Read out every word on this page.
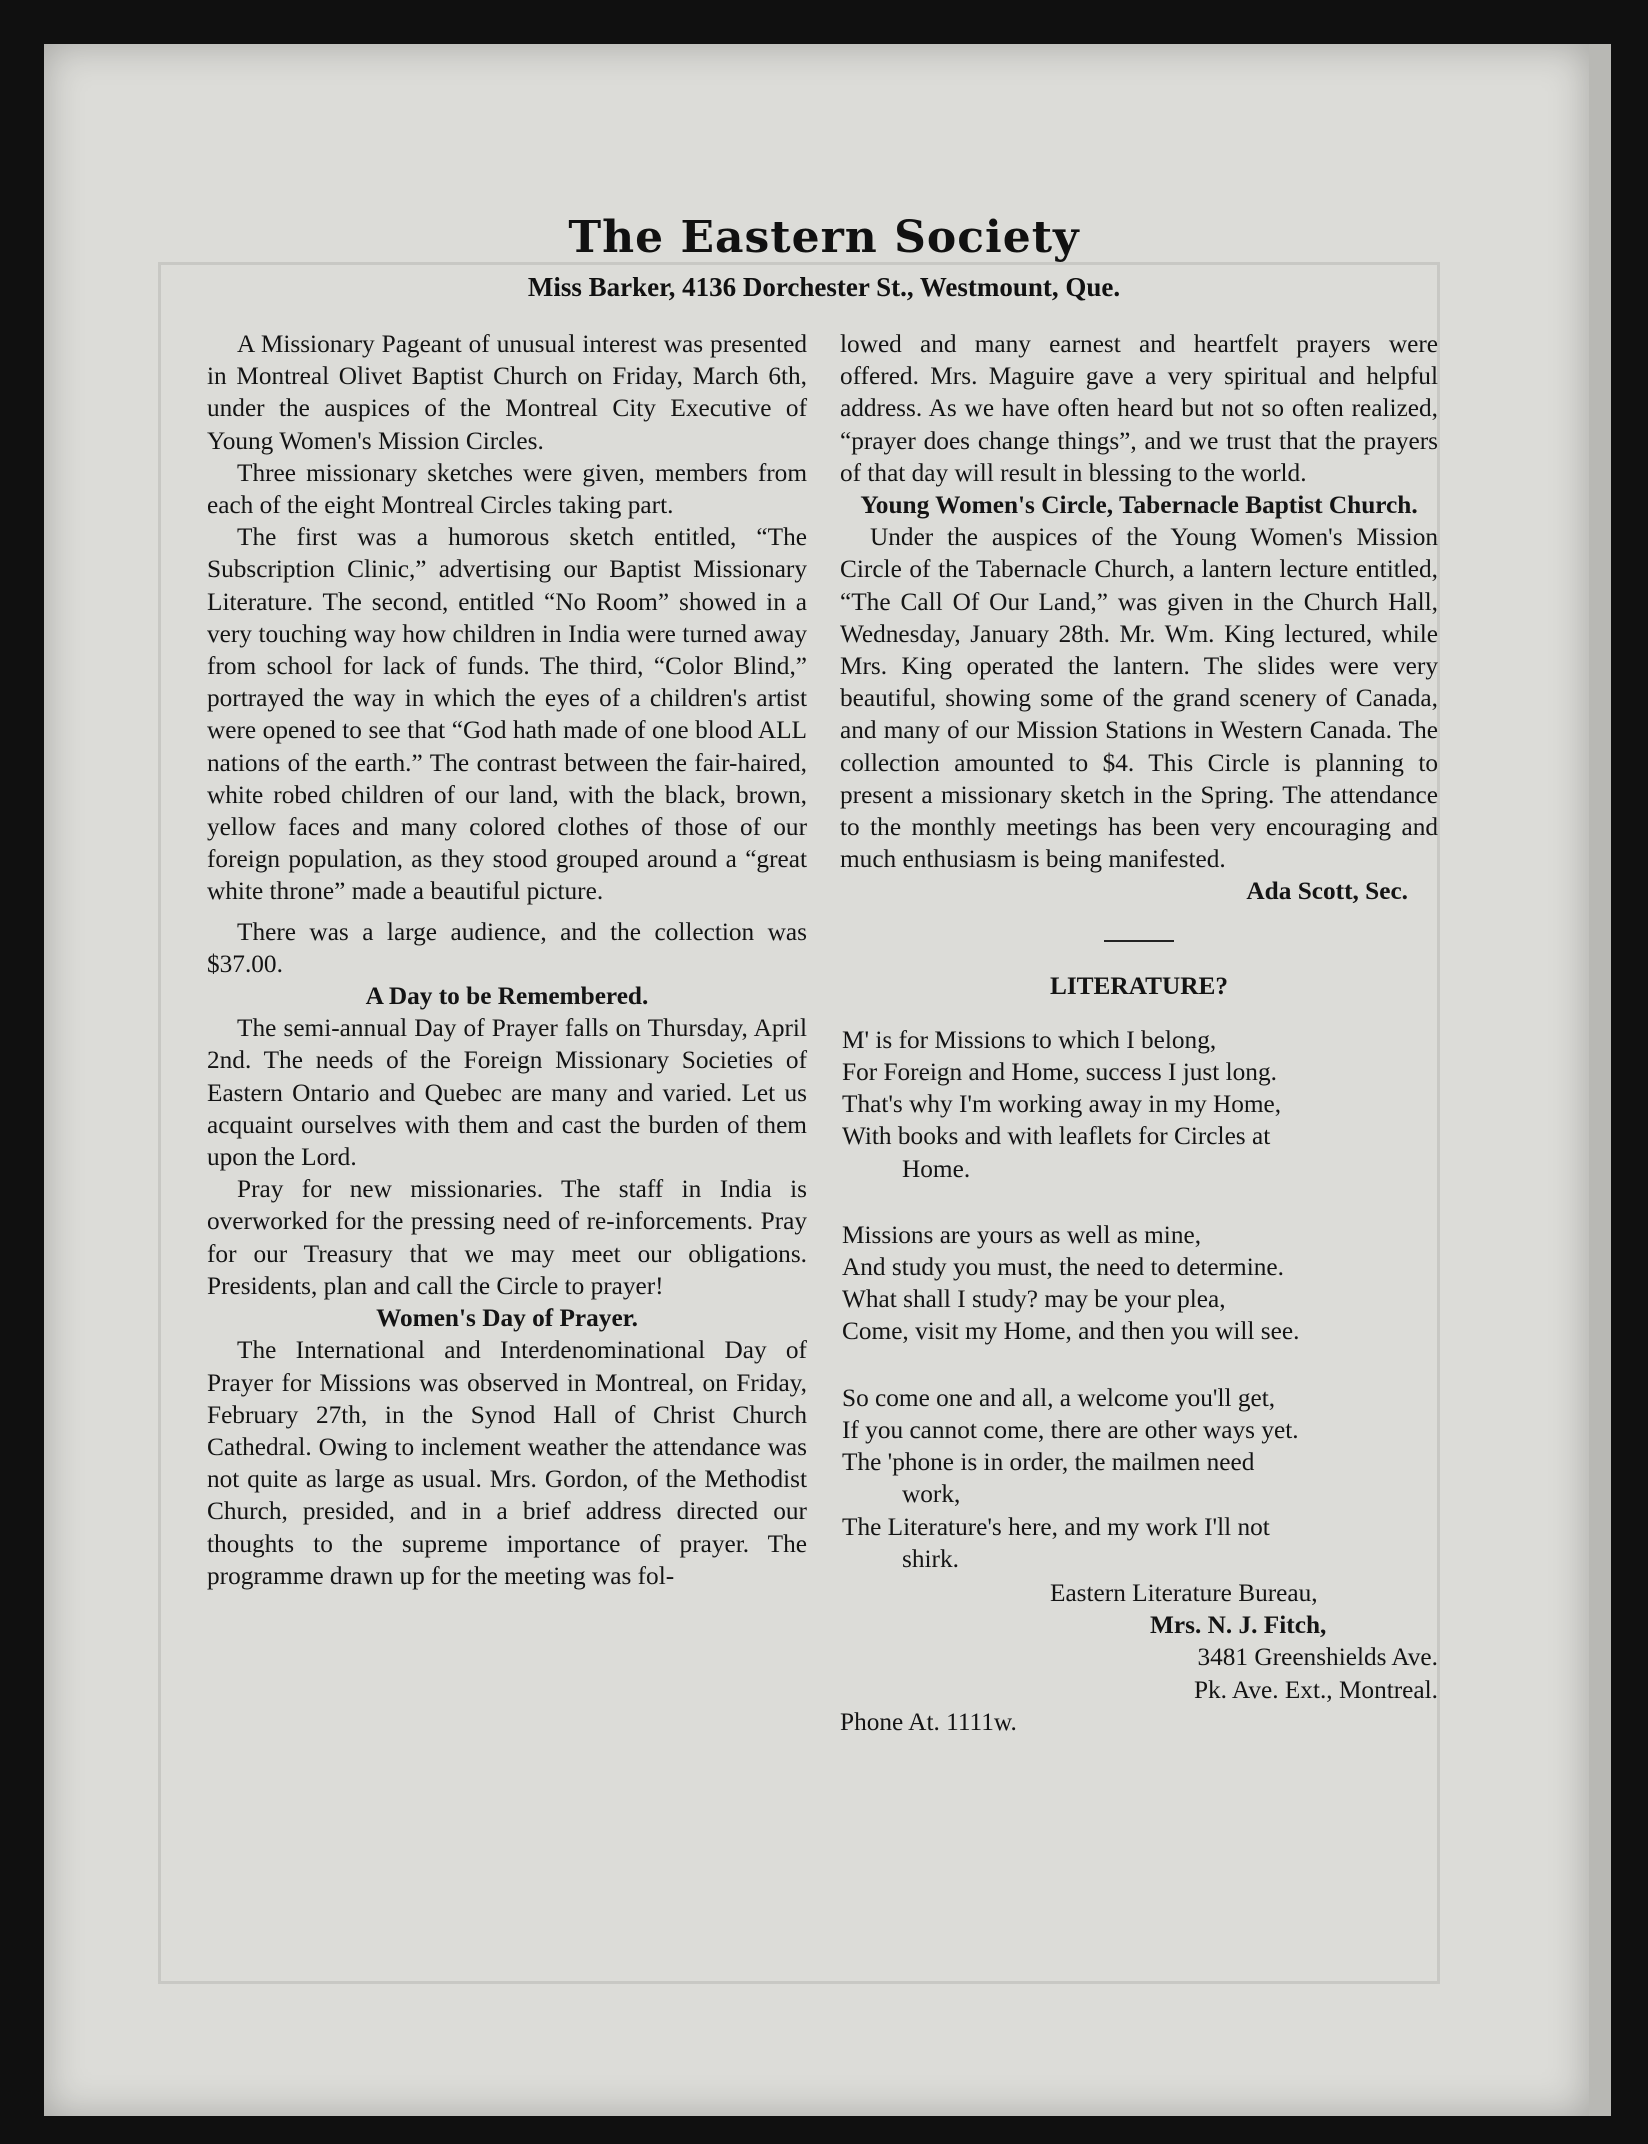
The Eastern Society
Miss Barker, 4136 Dorchester St., Westmount, Que.

A Missionary Pageant of unusual interest was presented in Montreal Olivet Baptist Church on Friday, March 6th, under the auspices of the Montreal City Executive of Young Women's Mission Circles.

Three missionary sketches were given, members from each of the eight Montreal Circles taking part.

The first was a humorous sketch entitled, “The Subscription Clinic,” advertising our Baptist Missionary Literature. The second, entitled “No Room” showed in a very touching way how children in India were turned away from school for lack of funds. The third, “Color Blind,” portrayed the way in which the eyes of a children's artist were opened to see that “God hath made of one blood ALL nations of the earth.” The contrast between the fair-haired, white robed children of our land, with the black, brown, yellow faces and many colored clothes of those of our foreign population, as they stood grouped around a “great white throne” made a beautiful picture.

There was a large audience, and the collection was $37.00.

A Day to be Remembered.

The semi-annual Day of Prayer falls on Thursday, April 2nd. The needs of the Foreign Missionary Societies of Eastern Ontario and Quebec are many and varied. Let us acquaint ourselves with them and cast the burden of them upon the Lord.

Pray for new missionaries. The staff in India is overworked for the pressing need of re-inforcements. Pray for our Treasury that we may meet our obligations. Presidents, plan and call the Circle to prayer!

Women's Day of Prayer.

The International and Interdenominational Day of Prayer for Missions was observed in Montreal, on Friday, February 27th, in the Synod Hall of Christ Church Cathedral. Owing to inclement weather the attendance was not quite as large as usual. Mrs. Gordon, of the Methodist Church, presided, and in a brief address directed our thoughts to the supreme importance of prayer. The programme drawn up for the meeting was fol-

lowed and many earnest and heartfelt prayers were offered. Mrs. Maguire gave a very spiritual and helpful address. As we have often heard but not so often realized, “prayer does change things”, and we trust that the prayers of that day will result in blessing to the world.

Young Women's Circle, Tabernacle Baptist Church.

Under the auspices of the Young Women's Mission Circle of the Tabernacle Church, a lantern lecture entitled, “The Call Of Our Land,” was given in the Church Hall, Wednesday, January 28th. Mr. Wm. King lectured, while Mrs. King operated the lantern. The slides were very beautiful, showing some of the grand scenery of Canada, and many of our Mission Stations in Western Canada. The collection amounted to $4. This Circle is planning to present a missionary sketch in the Spring. The attendance to the monthly meetings has been very encouraging and much enthusiasm is being manifested.

Ada Scott, Sec.

LITERATURE?

M' is for Missions to which I belong,

For Foreign and Home, success I just long.

That's why I'm working away in my Home,

With books and with leaflets for Circles at

Home.

Missions are yours as well as mine,

And study you must, the need to determine.

What shall I study? may be your plea,

Come, visit my Home, and then you will see.

So come one and all, a welcome you'll get,

If you cannot come, there are other ways yet.

The 'phone is in order, the mailmen need

work,

The Literature's here, and my work I'll not

shirk.

Eastern Literature Bureau,

Mrs. N. J. Fitch,

3481 Greenshields Ave.

Pk. Ave. Ext., Montreal.

Phone At. 1111w.
